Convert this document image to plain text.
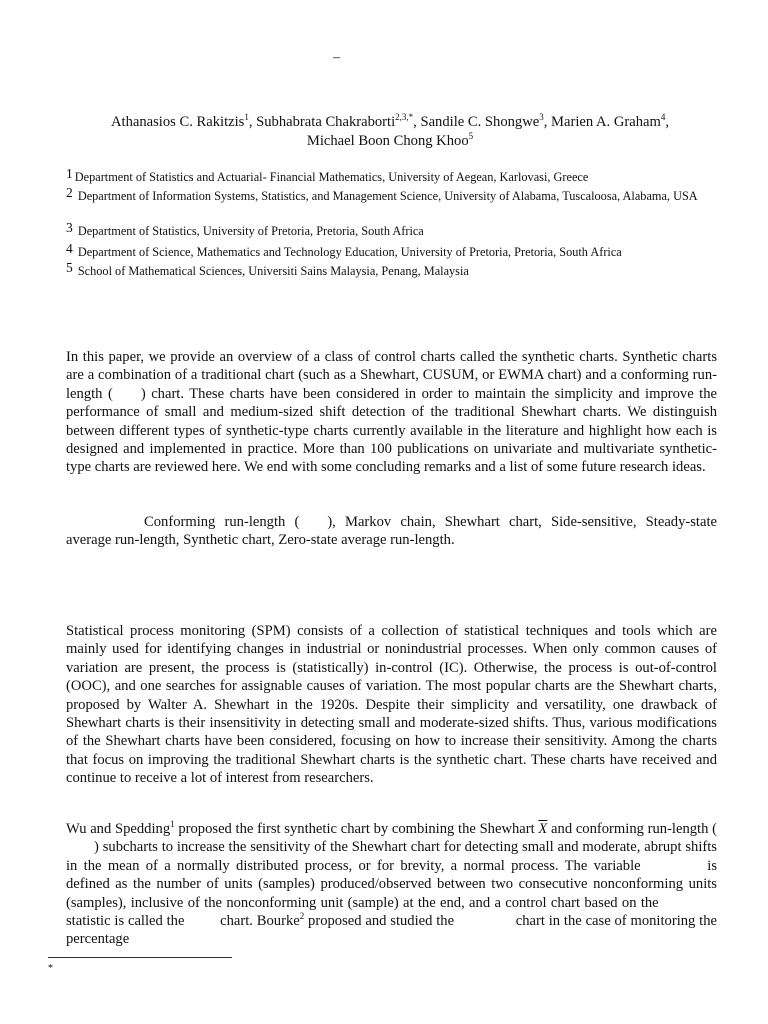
–
Athanasios C. Rakitzis$^1$, Subhabrata Chakraborti$^{2,3,*}$, Sandile C. Shongwe$^3$, Marien A. Graham$^4$,
Michael Boon Chong Khoo$^5$
1 Department of Statistics and Actuarial- Financial Mathematics, University of Aegean, Karlovasi, Greece
2 Department of Information Systems, Statistics, and Management Science, University of Alabama, Tuscaloosa, Alabama, USA
3 Department of Statistics, University of Pretoria, Pretoria, South Africa
4 Department of Science, Mathematics and Technology Education, University of Pretoria, Pretoria, South Africa
5 School of Mathematical Sciences, Universiti Sains Malaysia, Penang, Malaysia
In this paper, we provide an overview of a class of control charts called the synthetic charts. Synthetic charts are a combination of a traditional chart (such as a Shewhart, CUSUM, or EWMA chart) and a conforming run-length ( ) chart. These charts have been considered in order to maintain the simplicity and improve the performance of small and medium-sized shift detection of the traditional Shewhart charts. We distinguish between different types of synthetic-type charts currently available in the literature and highlight how each is designed and implemented in practice. More than 100 publications on univariate and multivariate synthetic-type charts are reviewed here. We end with some concluding remarks and a list of some future research ideas.
Conforming run-length ( ), Markov chain, Shewhart chart, Side-sensitive, Steady-state average run-length, Synthetic chart, Zero-state average run-length.
Statistical process monitoring (SPM) consists of a collection of statistical techniques and tools which are mainly used for identifying changes in industrial or nonindustrial processes. When only common causes of variation are present, the process is (statistically) in-control (IC). Otherwise, the process is out-of-control (OOC), and one searches for assignable causes of variation. The most popular charts are the Shewhart charts, proposed by Walter A. Shewhart in the 1920s. Despite their simplicity and versatility, one drawback of Shewhart charts is their insensitivity in detecting small and moderate-sized shifts. Thus, various modifications of the Shewhart charts have been considered, focusing on how to increase their sensitivity. Among the charts that focus on improving the traditional Shewhart charts is the synthetic chart. These charts have received and continue to receive a lot of interest from researchers.
Wu and Spedding$^1$ proposed the first synthetic chart by combining the Shewhart $\overline{X}$ and conforming run-length () subcharts to increase the sensitivity of the Shewhart chart for detecting small and moderate, abrupt shifts in the mean of a normally distributed process, or for brevity, a normal process. The variable	is defined as the number of units (samples) produced/observed between two consecutive nonconforming units (samples), inclusive of the nonconforming unit (sample) at the end, and a control chart based on the  statistic is called the chart. Bourke$^2$ proposed and studied the	chart in the case of monitoring the percentage
*
